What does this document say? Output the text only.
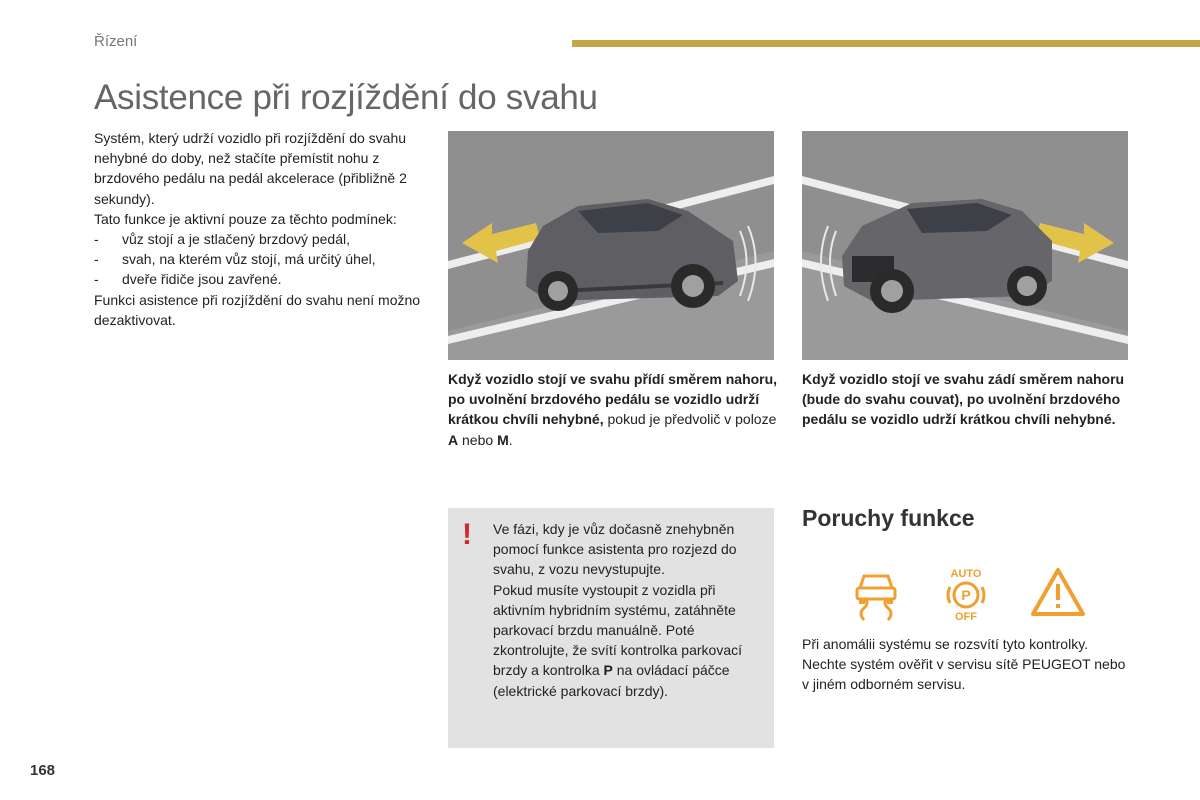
Řízení
Asistence při rozjíždění do svahu

Systém, který udrží vozidlo při rozjíždění do svahu nehybné do doby, než stačíte přemístit nohu z brzdového pedálu na pedál akcelerace (přibližně 2 sekundy).

Tato funkce je aktivní pouze za těchto podmínek:

- vůz stojí a je stlačený brzdový pedál,
- svah, na kterém vůz stojí, má určitý úhel,
- dveře řidiče jsou zavřené.

Funkci asistence při rozjíždění do svahu není možno dezaktivovat.

Když vozidlo stojí ve svahu přídí směrem nahoru, po uvolnění brzdového pedálu se vozidlo udrží krátkou chvíli nehybné, pokud je předvolič v poloze A nebo M.
Když vozidlo stojí ve svahu zádí směrem nahoru (bude do svahu couvat), po uvolnění brzdového pedálu se vozidlo udrží krátkou chvíli nehybné.
! Ve fázi, kdy je vůz dočasně znehybněn pomocí funkce asistenta pro rozjezd do svahu, z vozu nevystupujte.
Pokud musíte vystoupit z vozidla při aktivním hybridním systému, zatáhněte parkovací brzdu manuálně. Poté zkontrolujte, že svítí kontrolka parkovací brzdy a kontrolka P na ovládací páčce (elektrické parkovací brzdy).
Poruchy funkce
AUTO
P
OFF
Při anomálii systému se rozsvítí tyto kontrolky. Nechte systém ověřit v servisu sítě PEUGEOT nebo v jiném odborném servisu.
168
